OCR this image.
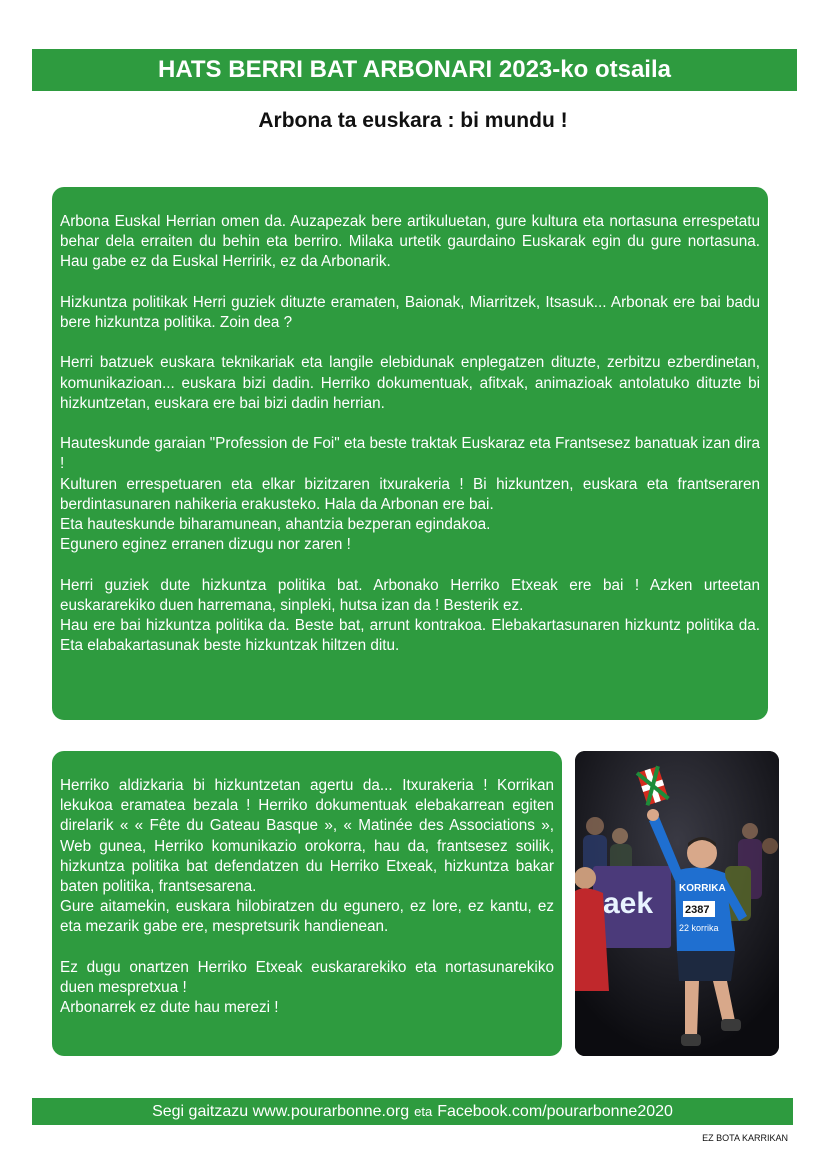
HATS BERRI BAT ARBONARI 2023-ko otsaila
Arbona ta euskara : bi mundu !

Arbona Euskal Herrian omen da. Auzapezak bere artikuluetan, gure kultura eta nortasuna errespetatu behar dela erraiten du behin eta berriro. Milaka urtetik gaurdaino Euskarak egin du gure nortasuna. Hau gabe ez da Euskal Herririk, ez da Arbonarik.

Hizkuntza politikak Herri guziek dituzte eramaten, Baionak, Miarritzek, Itsasuk... Arbonak ere bai badu bere hizkuntza politika. Zoin dea ?

Herri batzuek euskara teknikariak eta langile elebidunak enplegatzen dituzte, zerbitzu ezberdinetan, komunikazioan... euskara bizi dadin. Herriko dokumentuak, afitxak, animazioak antolatuko dituzte bi hizkuntzetan, euskara ere bai bizi dadin herrian.

Hauteskunde garaian "Profession de Foi" eta beste traktak Euskaraz eta Frantsesez banatuak izan dira !

Kulturen errespetuaren eta elkar bizitzaren itxurakeria ! Bi hizkuntzen, euskara eta frantseraren berdintasunaren nahikeria erakusteko. Hala da Arbonan ere bai.

Eta hauteskunde biharamunean, ahantzia bezperan egindakoa.

Egunero eginez erranen dizugu nor zaren !

Herri guziek dute hizkuntza politika bat. Arbonako Herriko Etxeak ere bai ! Azken urteetan euskararekiko duen harremana, sinpleki, hutsa izan da ! Besterik ez.

Hau ere bai hizkuntza politika da. Beste bat, arrunt kontrakoa. Elebakartasunaren hizkuntz politika da. Eta elabakartasunak beste hizkuntzak hiltzen ditu.

Herriko aldizkaria bi hizkuntzetan agertu da... Itxurakeria ! Korrikan lekukoa eramatea bezala ! Herriko dokumentuak elebakarrean egiten direlarik « « Fête du Gateau Basque », « Matinée des Associations », Web gunea, Herriko komunikazio orokorra, hau da, frantsesez soilik, hizkuntza politika bat defendatzen du Herriko Etxeak, hizkuntza bakar baten politika, frantsesarena.

Gure aitamekin, euskara hilobiratzen du egunero, ez lore, ez kantu, ez eta mezarik gabe ere, mespretsurik handienean.

Ez dugu onartzen Herriko Etxeak euskararekiko eta nortasunarekiko duen mespretxua !

Arbonarrek ez dute hau merezi !

aek	KORRIKA
2387
22 korrika
Segi gaitzazu www.pourarbonne.org eta Facebook.com/pourarbonne2020
EZ BOTA KARRIKAN
